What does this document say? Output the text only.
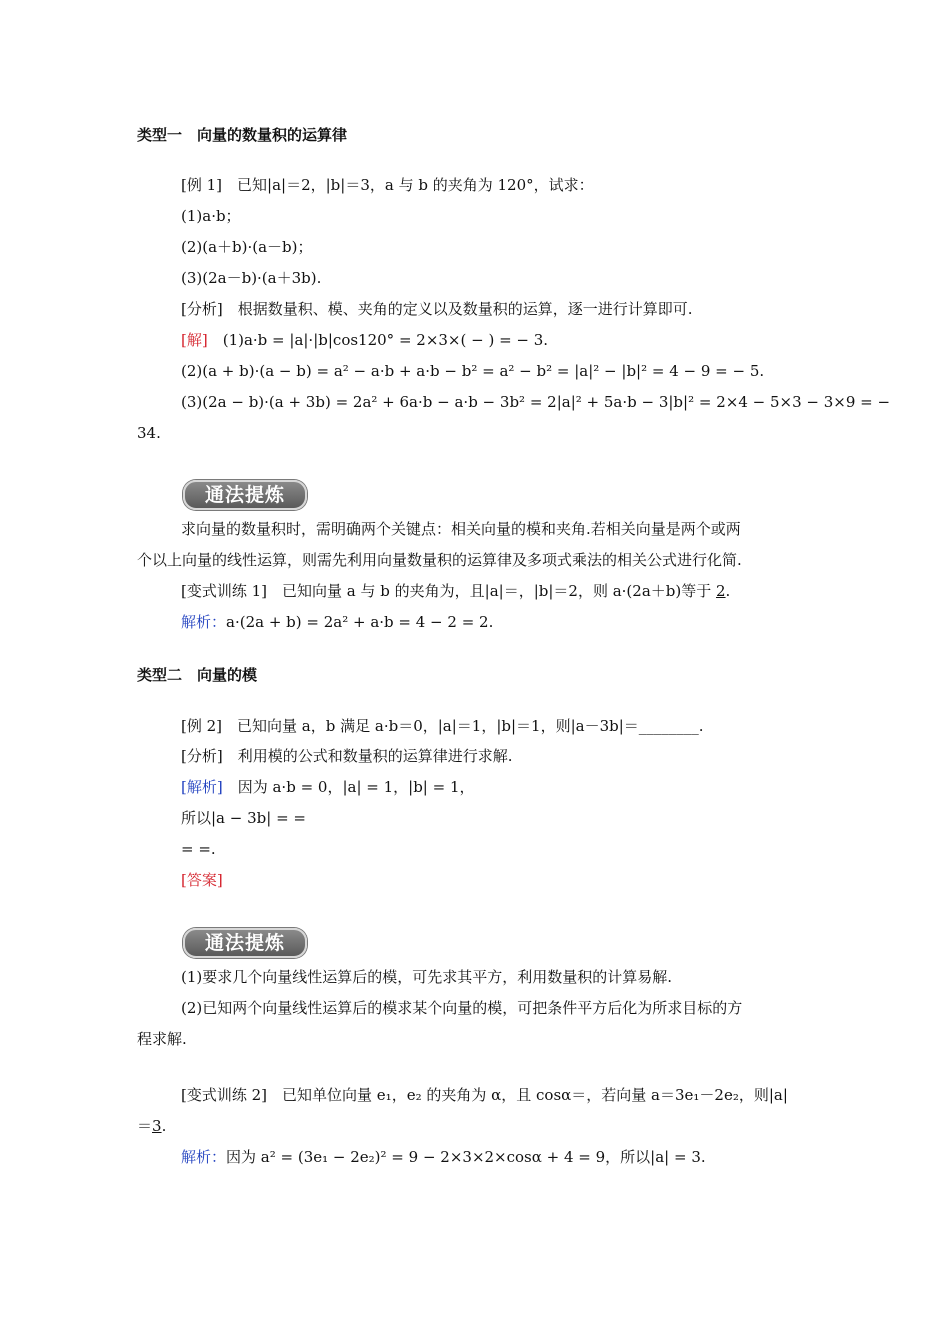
类型一　向量的数量积的运算律
[例 1]　已知|a|＝2，|b|＝3，a 与 b 的夹角为 120°，试求：
(1)a·b；
(2)(a＋b)·(a－b)；
(3)(2a－b)·(a＋3b).
[分析]　根据数量积、模、夹角的定义以及数量积的运算，逐一进行计算即可.
[解]　(1)a·b = |a|·|b|cos120° = 2×3×( − ) = − 3.
(2)(a + b)·(a − b) = a² − a·b + a·b − b² = a² − b² = |a|² − |b|² = 4 − 9 = − 5.
(3)(2a − b)·(a + 3b) = 2a² + 6a·b − a·b − 3b² = 2|a|² + 5a·b − 3|b|² = 2×4 − 5×3 − 3×9 = −
34.
通法提炼
求向量的数量积时，需明确两个关键点：相关向量的模和夹角.若相关向量是两个或两
个以上向量的线性运算，则需先利用向量数量积的运算律及多项式乘法的相关公式进行化简.
[变式训练 1]　已知向量 a 与 b 的夹角为，且|a|＝，|b|＝2，则 a·(2a＋b)等于 2.
解析：a·(2a + b) = 2a² + a·b = 4 − 2 = 2.
类型二　向量的模
[例 2]　已知向量 a，b 满足 a·b＝0，|a|＝1，|b|＝1，则|a－3b|＝________.
[分析]　利用模的公式和数量积的运算律进行求解.
[解析]　因为 a·b = 0，|a| = 1，|b| = 1，
所以|a − 3b| = =
= =.
[答案]
通法提炼
(1)要求几个向量线性运算后的模，可先求其平方，利用数量积的计算易解.
(2)已知两个向量线性运算后的模求某个向量的模，可把条件平方后化为所求目标的方
程求解.
[变式训练 2]　已知单位向量 e₁，e₂ 的夹角为 α，且 cosα＝，若向量 a＝3e₁－2e₂，则|a|
＝3.
解析：因为 a² = (3e₁ − 2e₂)² = 9 − 2×3×2×cosα + 4 = 9，所以|a| = 3.
